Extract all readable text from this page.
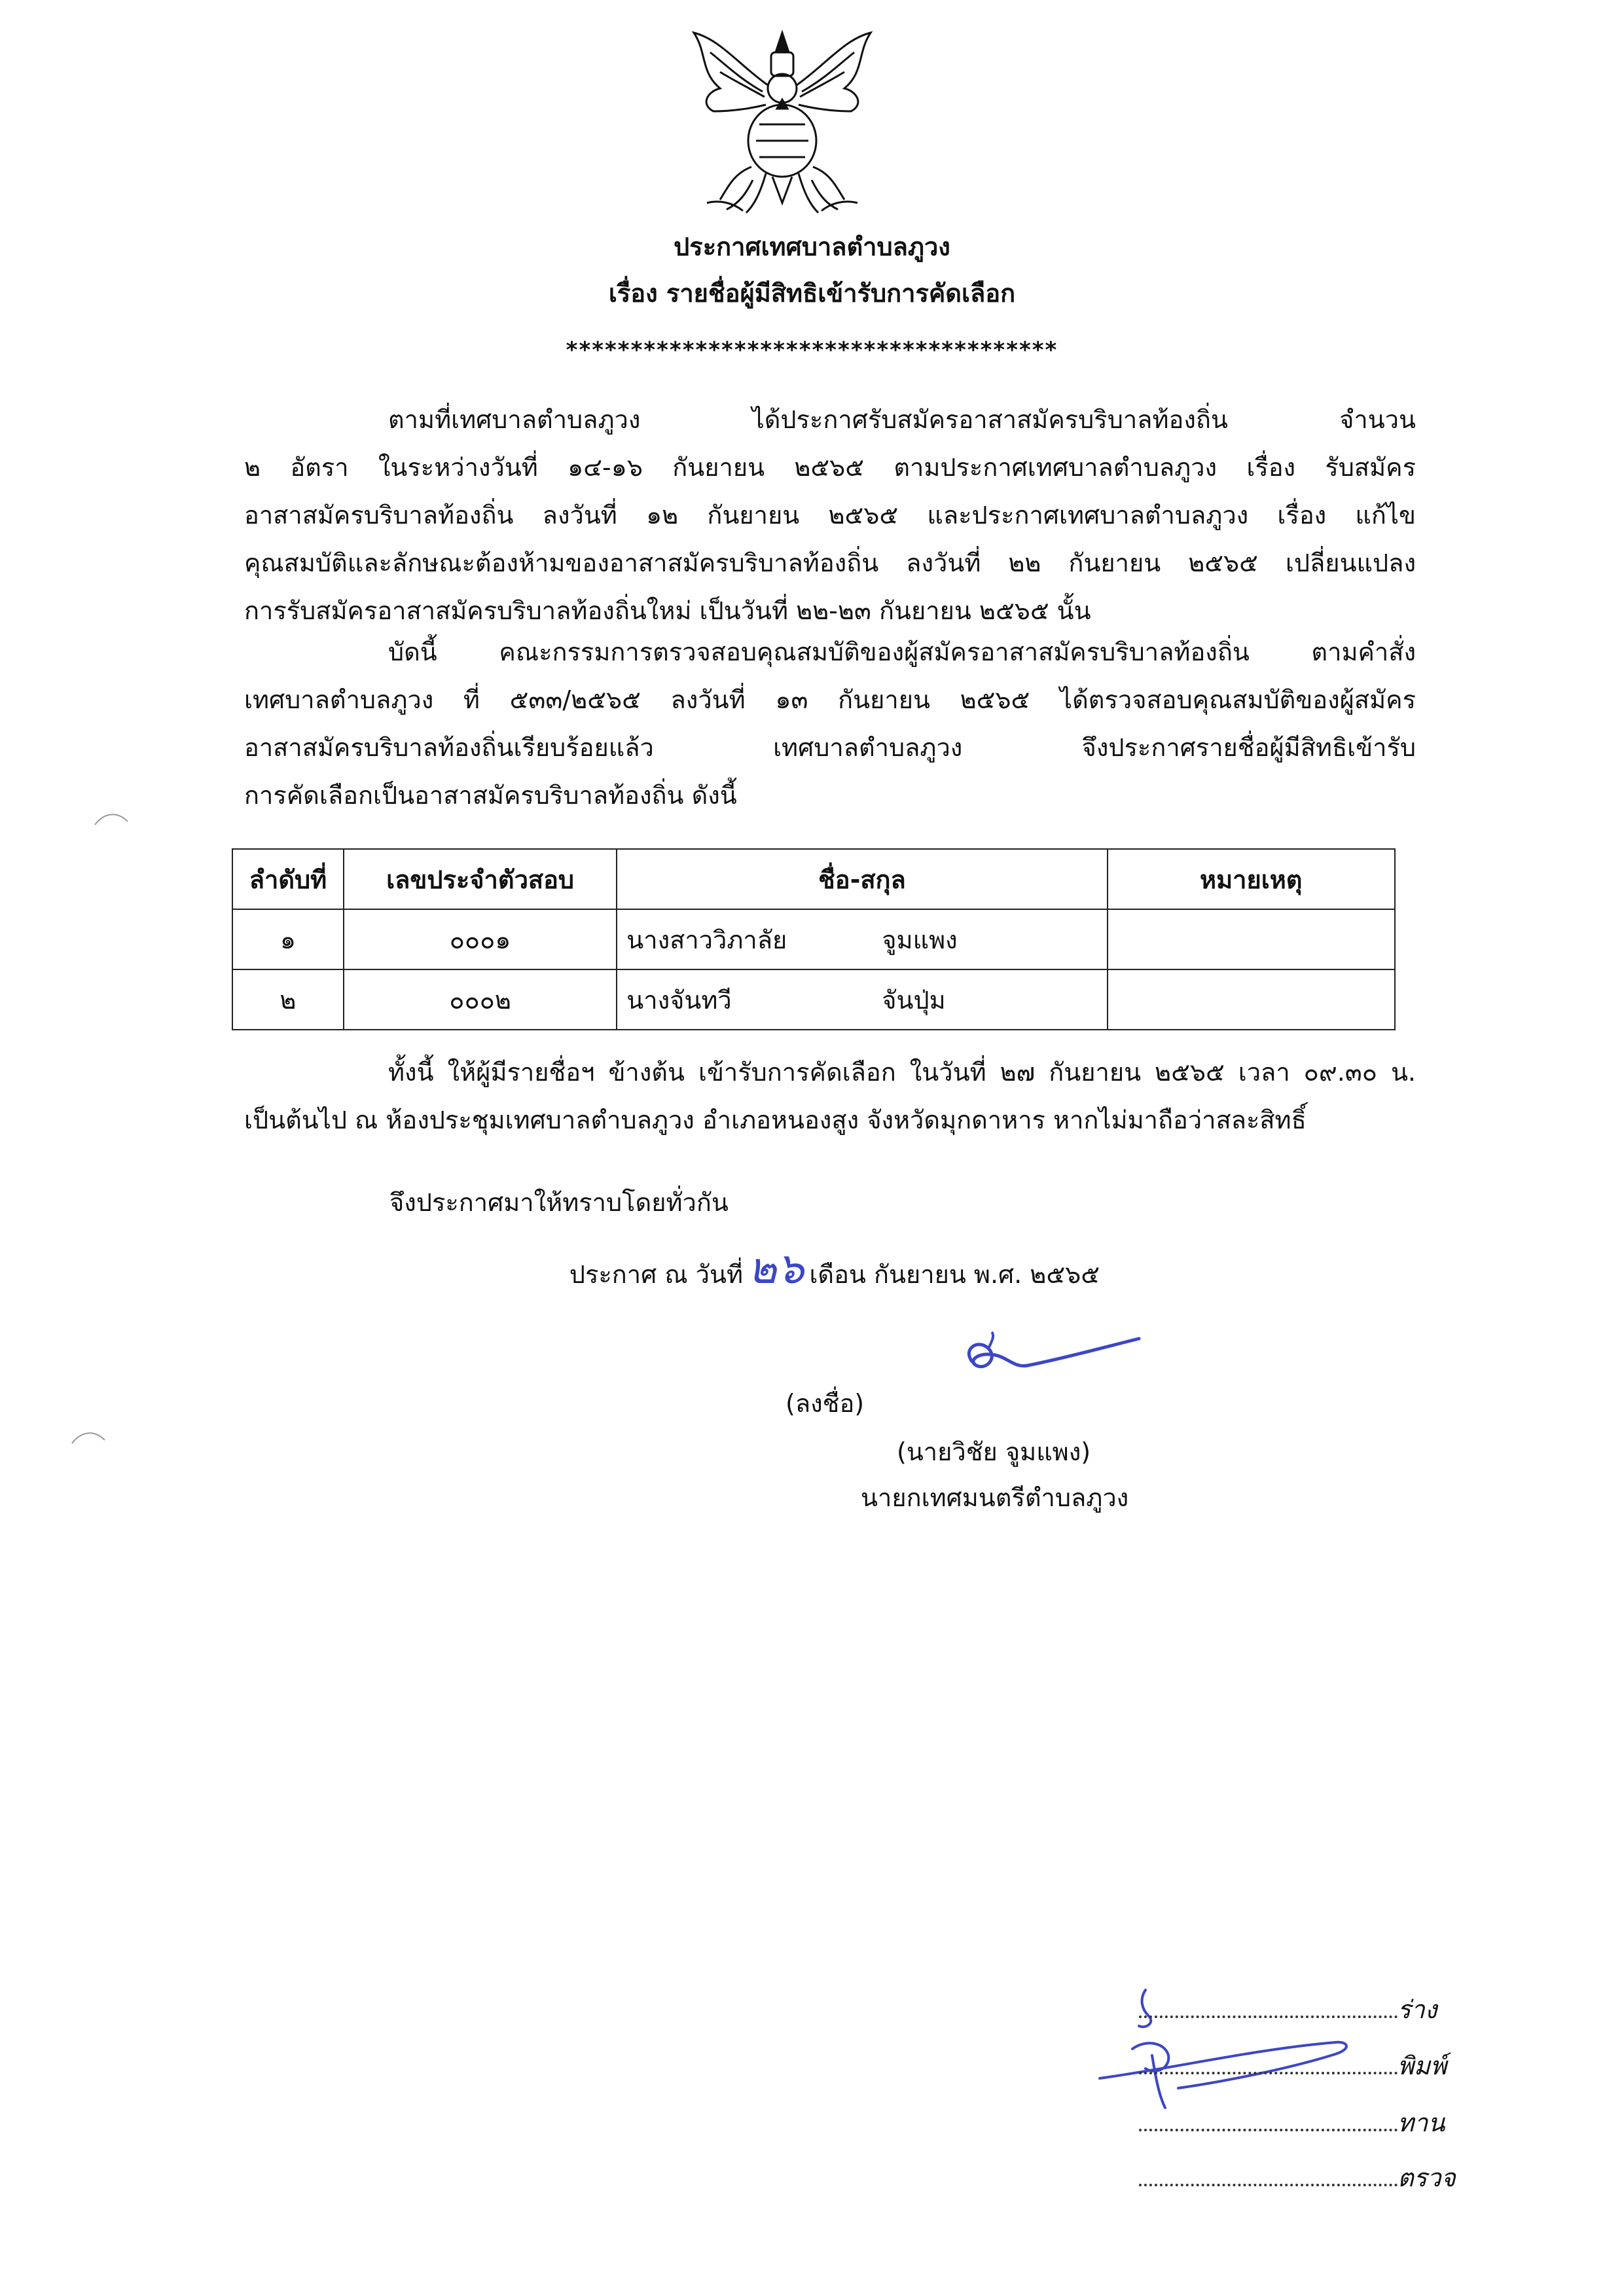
ประกาศเทศบาลตำบลภูวง
เรื่อง รายชื่อผู้มีสิทธิเข้ารับการคัดเลือก
**************************************
ตามที่เทศบาลตำบลภูวง ได้ประกาศรับสมัครอาสาสมัครบริบาลท้องถิ่น จำนวน
๒ อัตรา ในระหว่างวันที่ ๑๔-๑๖ กันยายน ๒๕๖๕ ตามประกาศเทศบาลตำบลภูวง เรื่อง รับสมัคร
อาสาสมัครบริบาลท้องถิ่น ลงวันที่ ๑๒ กันยายน ๒๕๖๕ และประกาศเทศบาลตำบลภูวง เรื่อง แก้ไข
คุณสมบัติและลักษณะต้องห้ามของอาสาสมัครบริบาลท้องถิ่น ลงวันที่ ๒๒ กันยายน ๒๕๖๕ เปลี่ยนแปลง
การรับสมัครอาสาสมัครบริบาลท้องถิ่นใหม่ เป็นวันที่ ๒๒-๒๓ กันยายน ๒๕๖๕ นั้น
บัดนี้ คณะกรรมการตรวจสอบคุณสมบัติของผู้สมัครอาสาสมัครบริบาลท้องถิ่น ตามคำสั่ง
เทศบาลตำบลภูวง ที่ ๕๓๓/๒๕๖๕ ลงวันที่ ๑๓ กันยายน ๒๕๖๕ ได้ตรวจสอบคุณสมบัติของผู้สมัคร
อาสาสมัครบริบาลท้องถิ่นเรียบร้อยแล้ว เทศบาลตำบลภูวง จึงประกาศรายชื่อผู้มีสิทธิเข้ารับ
การคัดเลือกเป็นอาสาสมัครบริบาลท้องถิ่น ดังนี้
ลำดับที่	เลขประจำตัวสอบ	ชื่อ-สกุล	หมายเหตุ
๑	๐๐๐๑	นางสาววิภาลัย จูมแพง	
๒	๐๐๐๒	นางจันทวี จันปุ่ม	
ทั้งนี้ ให้ผู้มีรายชื่อฯ ข้างต้น เข้ารับการคัดเลือก ในวันที่ ๒๗ กันยายน ๒๕๖๕ เวลา ๐๙.๓๐ น.
เป็นต้นไป ณ ห้องประชุมเทศบาลตำบลภูวง อำเภอหนองสูง จังหวัดมุกดาหาร หากไม่มาถือว่าสละสิทธิ์
จึงประกาศมาให้ทราบโดยทั่วกัน
ประกาศ ณ วันที่ ๒๖ เดือน กันยายน พ.ศ. ๒๕๖๕
(ลงชื่อ)
(นายวิชัย จูมแพง)
นายกเทศมนตรีตำบลภูวง
ร่าง
พิมพ์
ทาน
ตรวจ
